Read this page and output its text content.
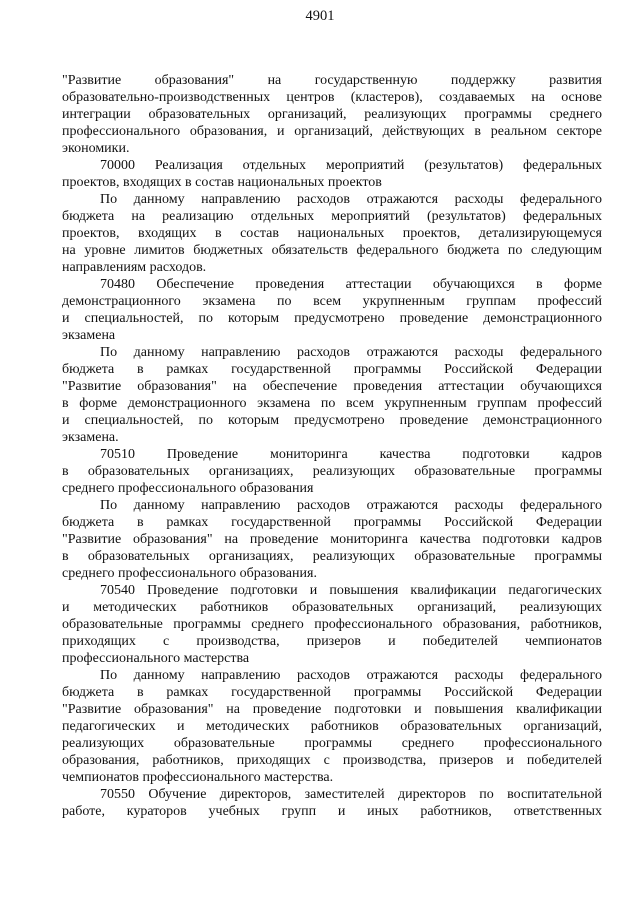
4901
"Развитие образования" на государственную поддержку развития
образовательно-производственных центров (кластеров), создаваемых на основе
интеграции образовательных организаций, реализующих программы среднего
профессионального образования, и организаций, действующих в реальном секторе
экономики.
70000 Реализация отдельных мероприятий (результатов) федеральных
проектов, входящих в состав национальных проектов
По данному направлению расходов отражаются расходы федерального
бюджета на реализацию отдельных мероприятий (результатов) федеральных
проектов, входящих в состав национальных проектов, детализирующемуся
на уровне лимитов бюджетных обязательств федерального бюджета по следующим
направлениям расходов.
70480 Обеспечение проведения аттестации обучающихся в форме
демонстрационного экзамена по всем укрупненным группам профессий
и специальностей, по которым предусмотрено проведение демонстрационного
экзамена
По данному направлению расходов отражаются расходы федерального
бюджета в рамках государственной программы Российской Федерации
"Развитие образования" на обеспечение проведения аттестации обучающихся
в форме демонстрационного экзамена по всем укрупненным группам профессий
и специальностей, по которым предусмотрено проведение демонстрационного
экзамена.
70510 Проведение мониторинга качества подготовки кадров
в образовательных организациях, реализующих образовательные программы
среднего профессионального образования
По данному направлению расходов отражаются расходы федерального
бюджета в рамках государственной программы Российской Федерации
"Развитие образования" на проведение мониторинга качества подготовки кадров
в образовательных организациях, реализующих образовательные программы
среднего профессионального образования.
70540 Проведение подготовки и повышения квалификации педагогических
и методических работников образовательных организаций, реализующих
образовательные программы среднего профессионального образования, работников,
приходящих с производства, призеров и победителей чемпионатов
профессионального мастерства
По данному направлению расходов отражаются расходы федерального
бюджета в рамках государственной программы Российской Федерации
"Развитие образования" на проведение подготовки и повышения квалификации
педагогических и методических работников образовательных организаций,
реализующих образовательные программы среднего профессионального
образования, работников, приходящих с производства, призеров и победителей
чемпионатов профессионального мастерства.
70550 Обучение директоров, заместителей директоров по воспитательной
работе, кураторов учебных групп и иных работников, ответственных
